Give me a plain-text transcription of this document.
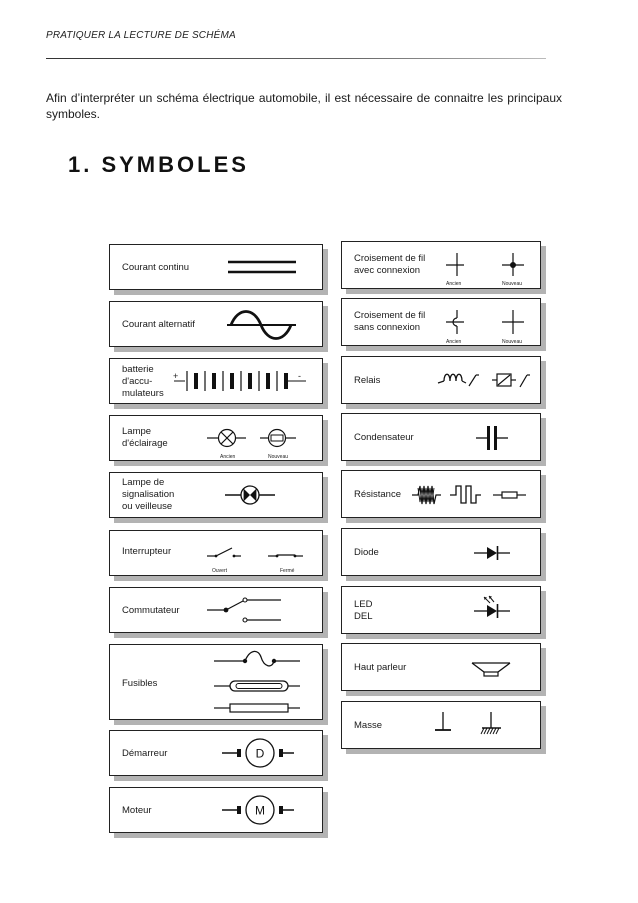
PRATIQUER LA LECTURE DE SCHÉMA

Afin d’interpréter un schéma électrique automobile, il est nécessaire de connaitre les principaux symboles.

1. SYMBOLES
Courant continu
Courant alternatif
batterie
d'accu-
mulateurs
+	-
Lampe
d'éclairage
Ancien	Nouveau
Lampe de
signalisation
ou veilleuse
Interrupteur
Ouvert	Fermé
Commutateur
Fusibles
Démarreur	D
Moteur	M
Croisement de fil
avec connexion
Ancien	Nouveau
Croisement de fil
sans connexion
Ancien	Nouveau
Relais
Condensateur
Résistance
Diode
LED
DEL
Haut parleur
Masse
